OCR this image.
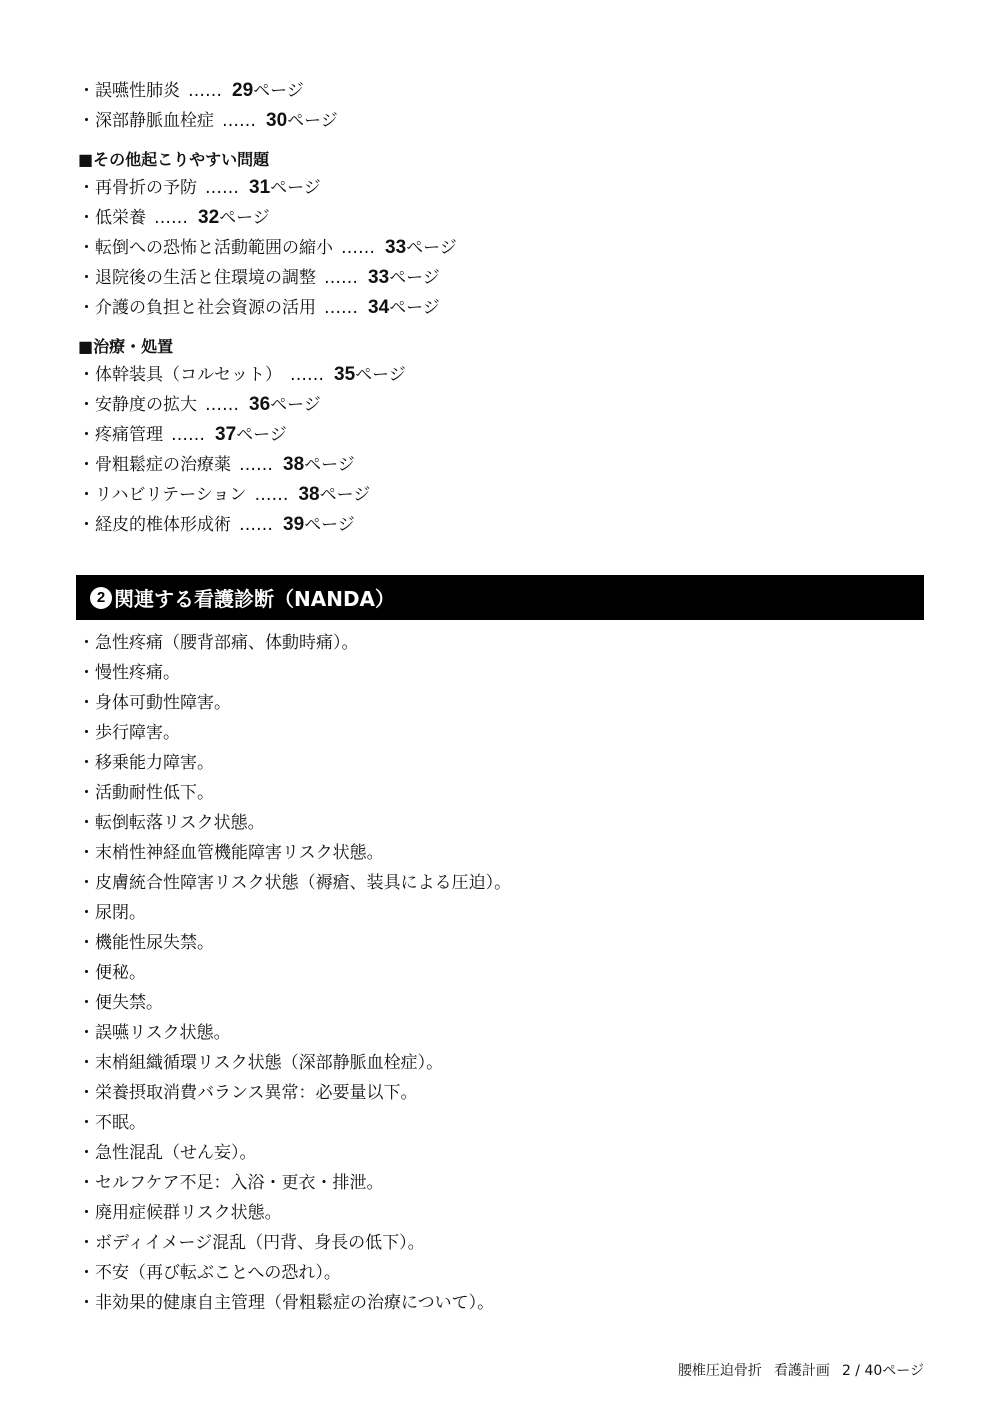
・誤嚥性肺炎 …… 29ページ
・深部静脈血栓症 …… 30ページ
■その他起こりやすい問題
・再骨折の予防 …… 31ページ
・低栄養 …… 32ページ
・転倒への恐怖と活動範囲の縮小 …… 33ページ
・退院後の生活と住環境の調整 …… 33ページ
・介護の負担と社会資源の活用 …… 34ページ
■治療・処置
・体幹装具（コルセット） …… 35ページ
・安静度の拡大 …… 36ページ
・疼痛管理 …… 37ページ
・骨粗鬆症の治療薬 …… 38ページ
・リハビリテーション …… 38ページ
・経皮的椎体形成術 …… 39ページ
2 関連する看護診断（NANDA）
・急性疼痛（腰背部痛、体動時痛）。
・慢性疼痛。
・身体可動性障害。
・歩行障害。
・移乗能力障害。
・活動耐性低下。
・転倒転落リスク状態。
・末梢性神経血管機能障害リスク状態。
・皮膚統合性障害リスク状態（褥瘡、装具による圧迫）。
・尿閉。
・機能性尿失禁。
・便秘。
・便失禁。
・誤嚥リスク状態。
・末梢組織循環リスク状態（深部静脈血栓症）。
・栄養摂取消費バランス異常：必要量以下。
・不眠。
・急性混乱（せん妄）。
・セルフケア不足：入浴・更衣・排泄。
・廃用症候群リスク状態。
・ボディイメージ混乱（円背、身長の低下）。
・不安（再び転ぶことへの恐れ）。
・非効果的健康自主管理（骨粗鬆症の治療について）。
腰椎圧迫骨折 看護計画 2 / 40ページ
